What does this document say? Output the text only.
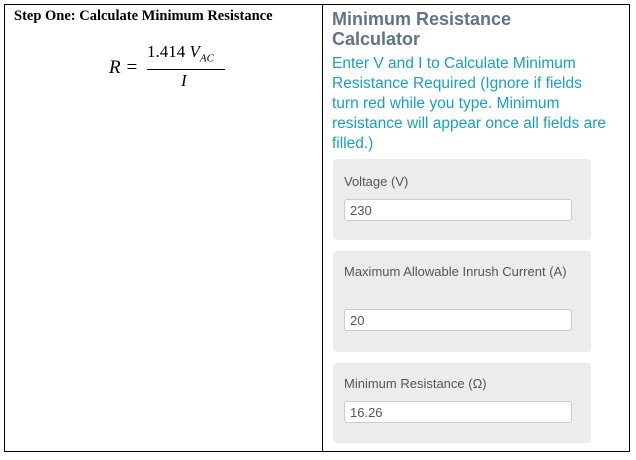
Step One: Calculate Minimum Resistance
R =
1.414 $V_{AC}$
I
Minimum Resistance Calculator
Enter V and I to Calculate Minimum Resistance Required (Ignore if fields turn red while you type. Minimum resistance will appear once all fields are filled.)
Voltage (V)
230
Maximum Allowable Inrush Current (A)
20
Minimum Resistance (Ω)
16.26
